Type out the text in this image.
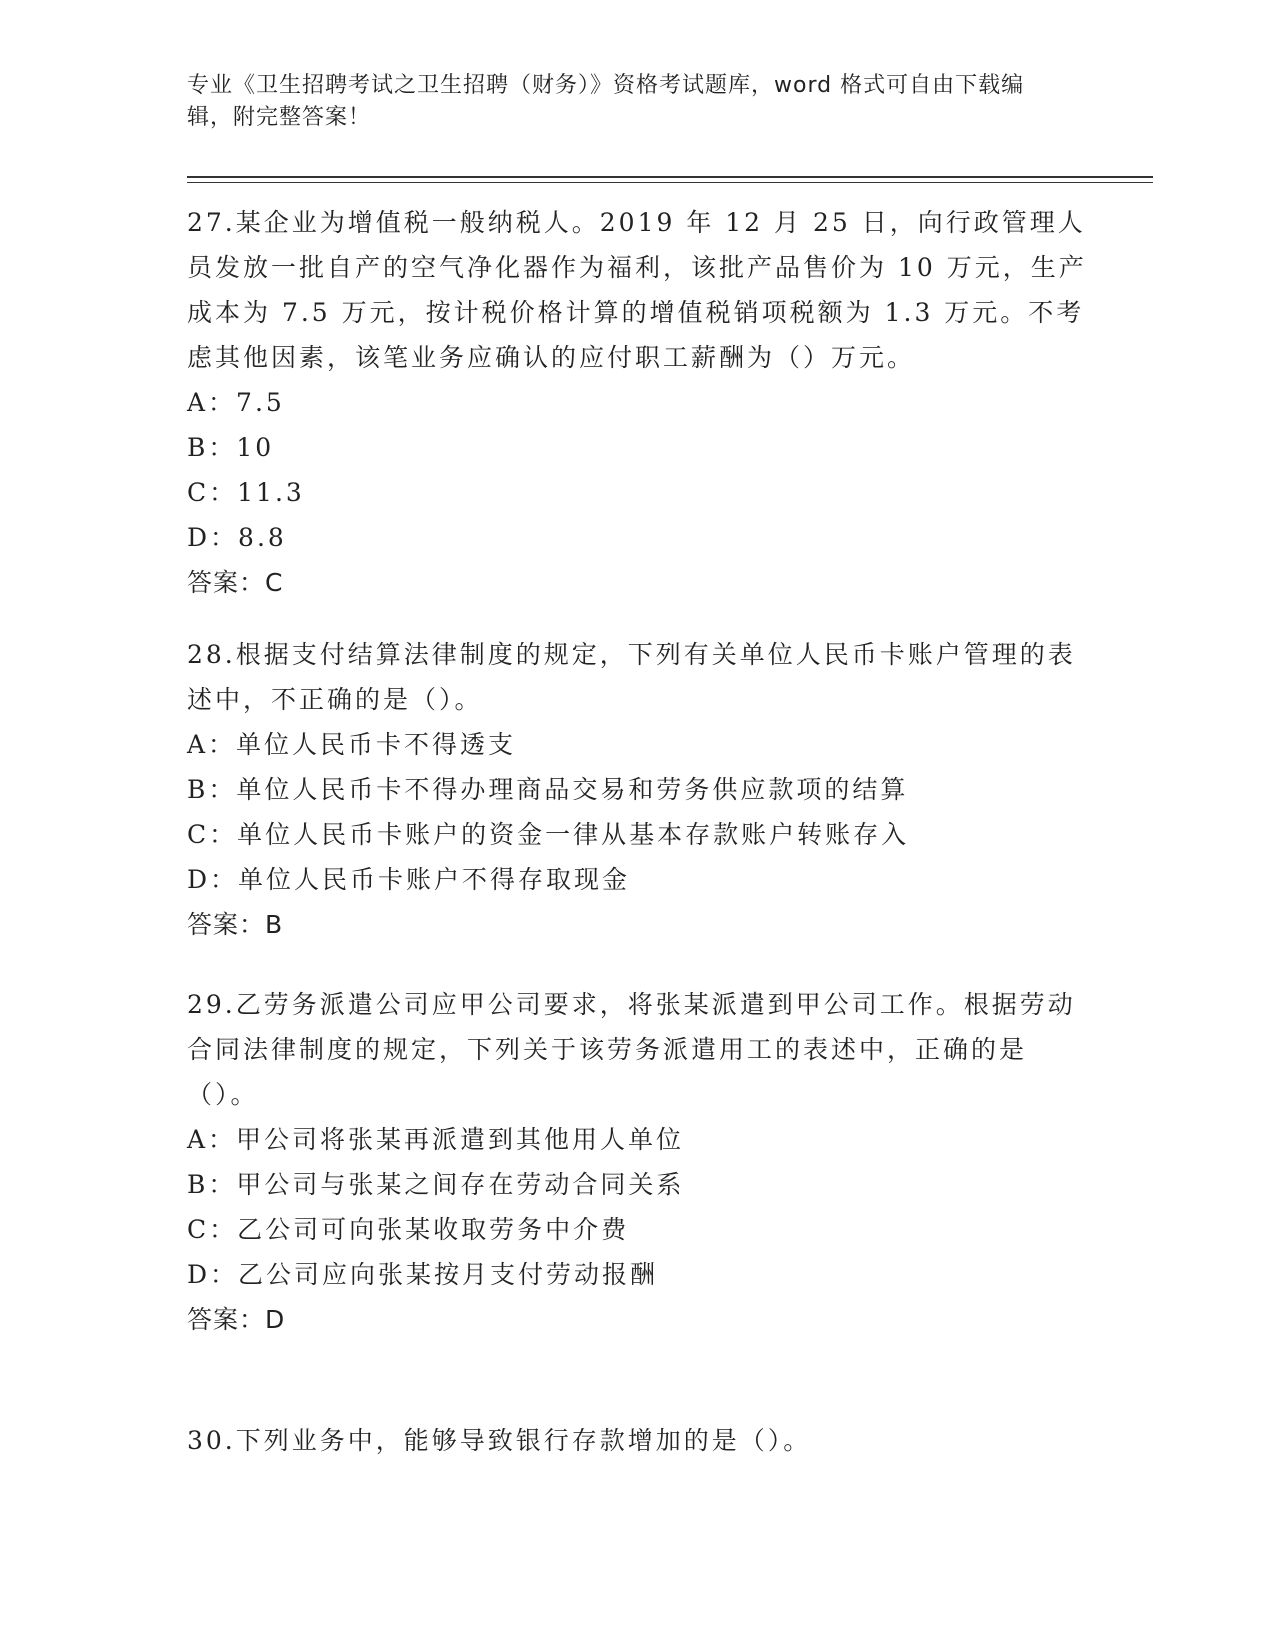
专业《卫生招聘考试之卫生招聘（财务）》资格考试题库，word 格式可自由下载编辑，附完整答案！
27.某企业为增值税一般纳税人。2019 年 12 月 25 日，向行政管理人员发放一批自产的空气净化器作为福利，该批产品售价为 10 万元，生产成本为 7.5 万元，按计税价格计算的增值税销项税额为 1.3 万元。不考虑其他因素，该笔业务应确认的应付职工薪酬为（）万元。
A：7.5
B：10
C：11.3
D：8.8
答案：C
28.根据支付结算法律制度的规定，下列有关单位人民币卡账户管理的表述中，不正确的是（）。
A：单位人民币卡不得透支
B：单位人民币卡不得办理商品交易和劳务供应款项的结算
C：单位人民币卡账户的资金一律从基本存款账户转账存入
D：单位人民币卡账户不得存取现金
答案：B
29.乙劳务派遣公司应甲公司要求，将张某派遣到甲公司工作。根据劳动合同法律制度的规定，下列关于该劳务派遣用工的表述中，正确的是（）。
A：甲公司将张某再派遣到其他用人单位
B：甲公司与张某之间存在劳动合同关系
C：乙公司可向张某收取劳务中介费
D：乙公司应向张某按月支付劳动报酬
答案：D
30.下列业务中，能够导致银行存款增加的是（）。
